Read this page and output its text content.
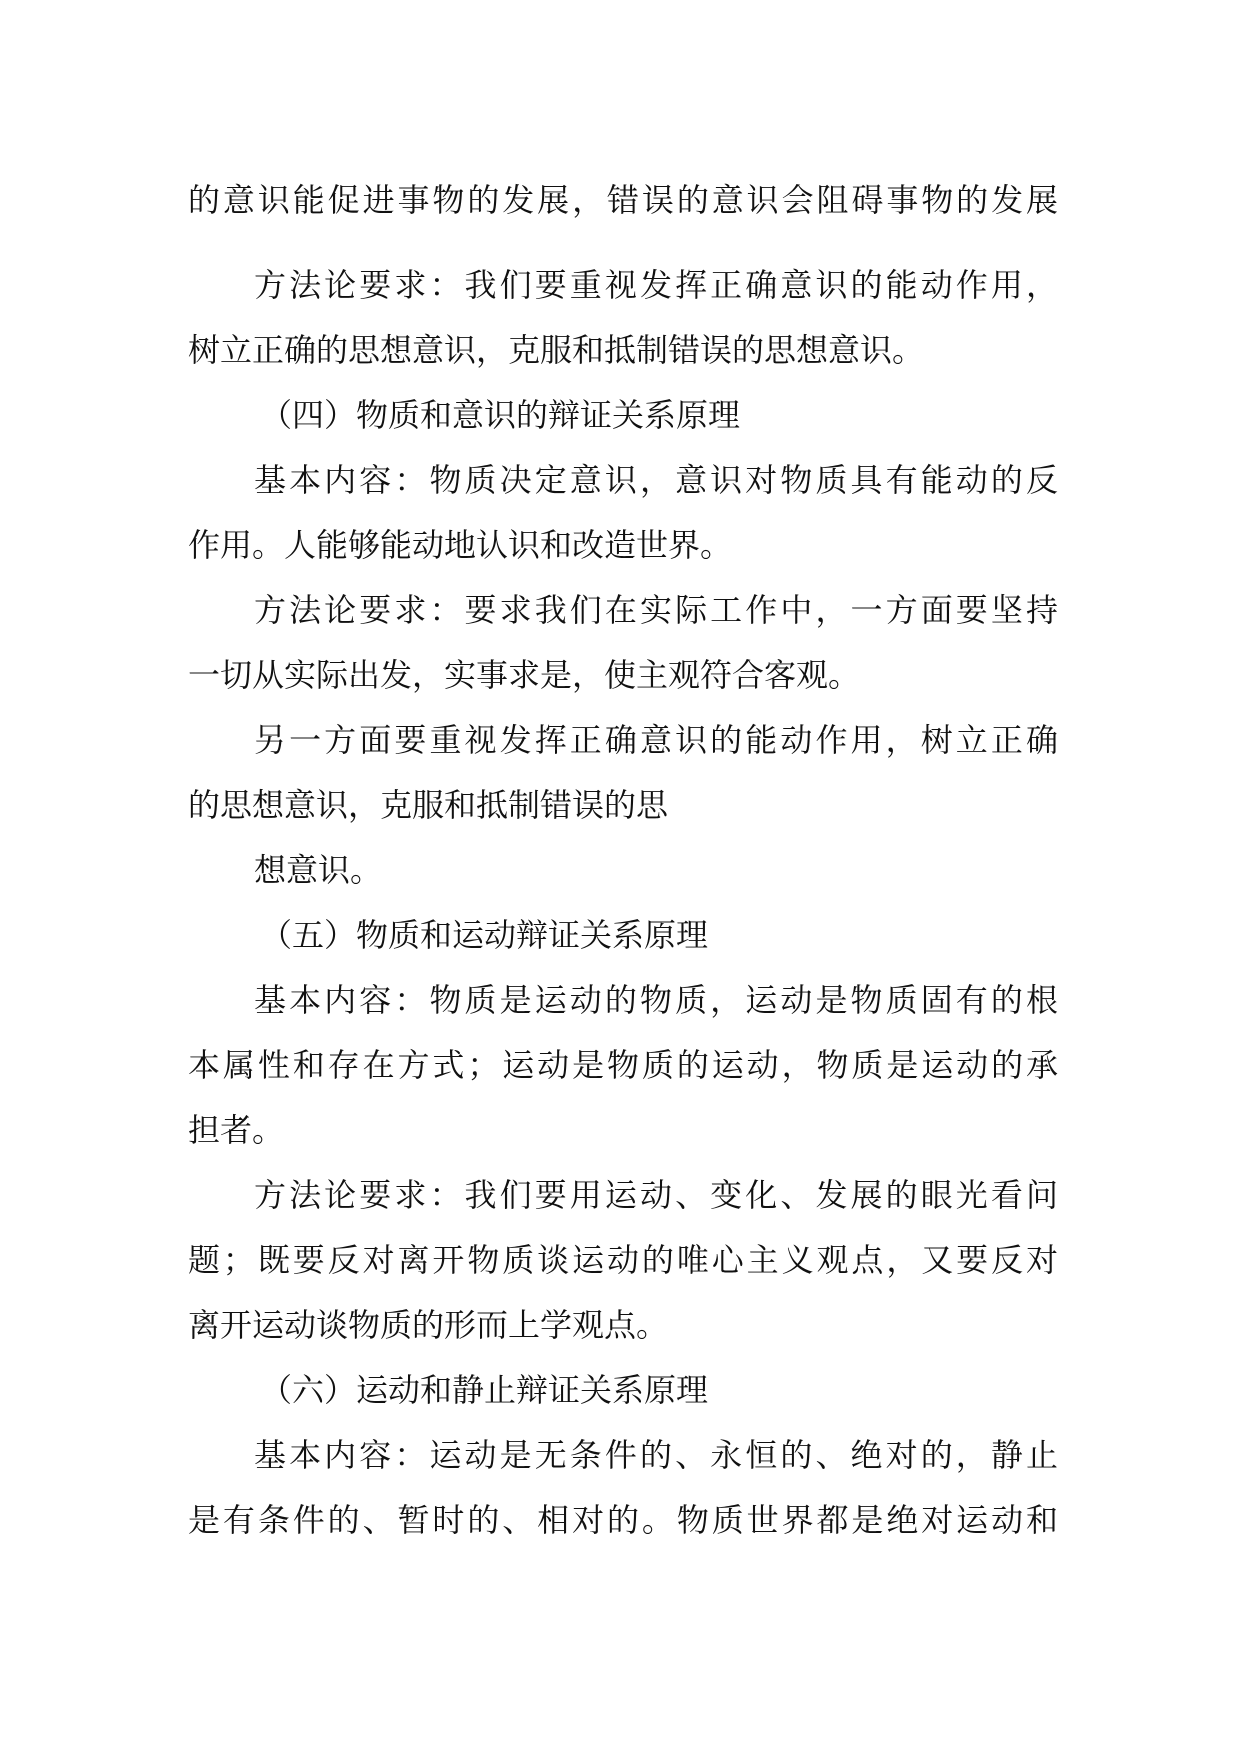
的意识能促进事物的发展，错误的意识会阻碍事物的发展
方法论要求：我们要重视发挥正确意识的能动作用，
树立正确的思想意识，克服和抵制错误的思想意识。
（四）物质和意识的辩证关系原理
基本内容：物质决定意识，意识对物质具有能动的反
作用。人能够能动地认识和改造世界。
方法论要求：要求我们在实际工作中，一方面要坚持
一切从实际出发，实事求是，使主观符合客观。
另一方面要重视发挥正确意识的能动作用，树立正确
的思想意识，克服和抵制错误的思
想意识。
（五）物质和运动辩证关系原理
基本内容：物质是运动的物质，运动是物质固有的根
本属性和存在方式；运动是物质的运动，物质是运动的承
担者。
方法论要求：我们要用运动、变化、发展的眼光看问
题；既要反对离开物质谈运动的唯心主义观点，又要反对
离开运动谈物质的形而上学观点。
（六）运动和静止辩证关系原理
基本内容：运动是无条件的、永恒的、绝对的，静止
是有条件的、暂时的、相对的。物质世界都是绝对运动和
